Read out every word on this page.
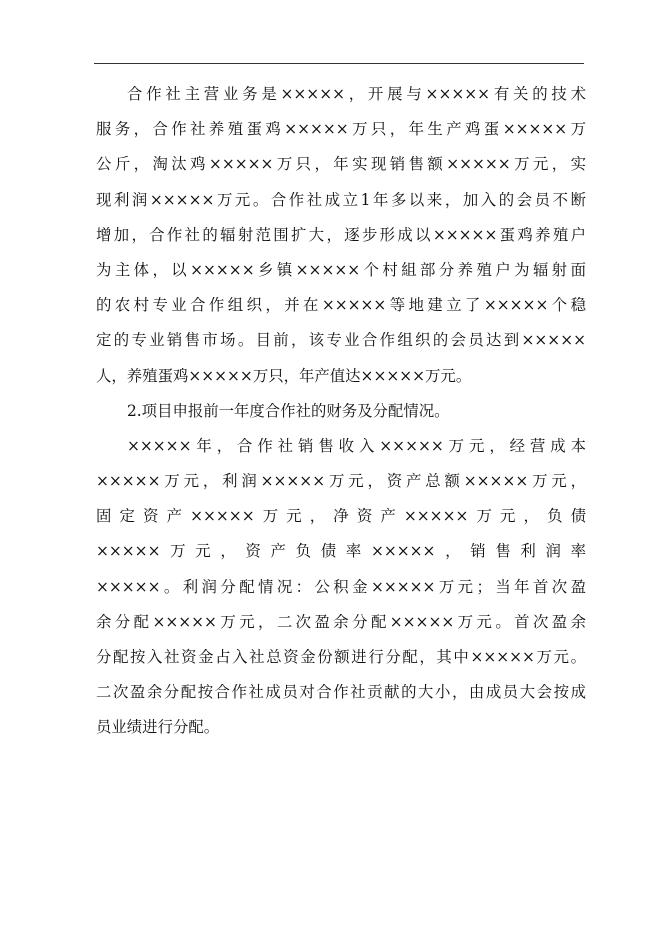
合作社主营业务是×××××，开展与×××××有关的技术
服务，合作社养殖蛋鸡×××××万只，年生产鸡蛋×××××万
公斤，淘汰鸡×××××万只，年实现销售额×××××万元，实
现利润×××××万元。合作社成立1年多以来，加入的会员不断
增加，合作社的辐射范围扩大，逐步形成以×××××蛋鸡养殖户
为主体，以×××××乡镇×××××个村組部分养殖户为辐射面
的农村专业合作组织，并在×××××等地建立了×××××个稳
定的专业销售市场。目前，该专业合作组织的会员达到×××××
人，养殖蛋鸡×××××万只，年产值达×××××万元。
2.项目申报前一年度合作社的财务及分配情况。
×××××年，合作社销售收入×××××万元，经营成本
×××××万元，利润×××××万元，资产总额×××××万元，
固定资产×××××万元，净资产×××××万元，负债
×××××万元，资产负债率×××××，销售利润率
×××××。利润分配情况：公积金×××××万元；当年首次盈
余分配×××××万元，二次盈余分配×××××万元。首次盈余
分配按入社资金占入社总资金份额进行分配，其中×××××万元。
二次盈余分配按合作社成员对合作社贡献的大小，由成员大会按成
员业绩进行分配。
